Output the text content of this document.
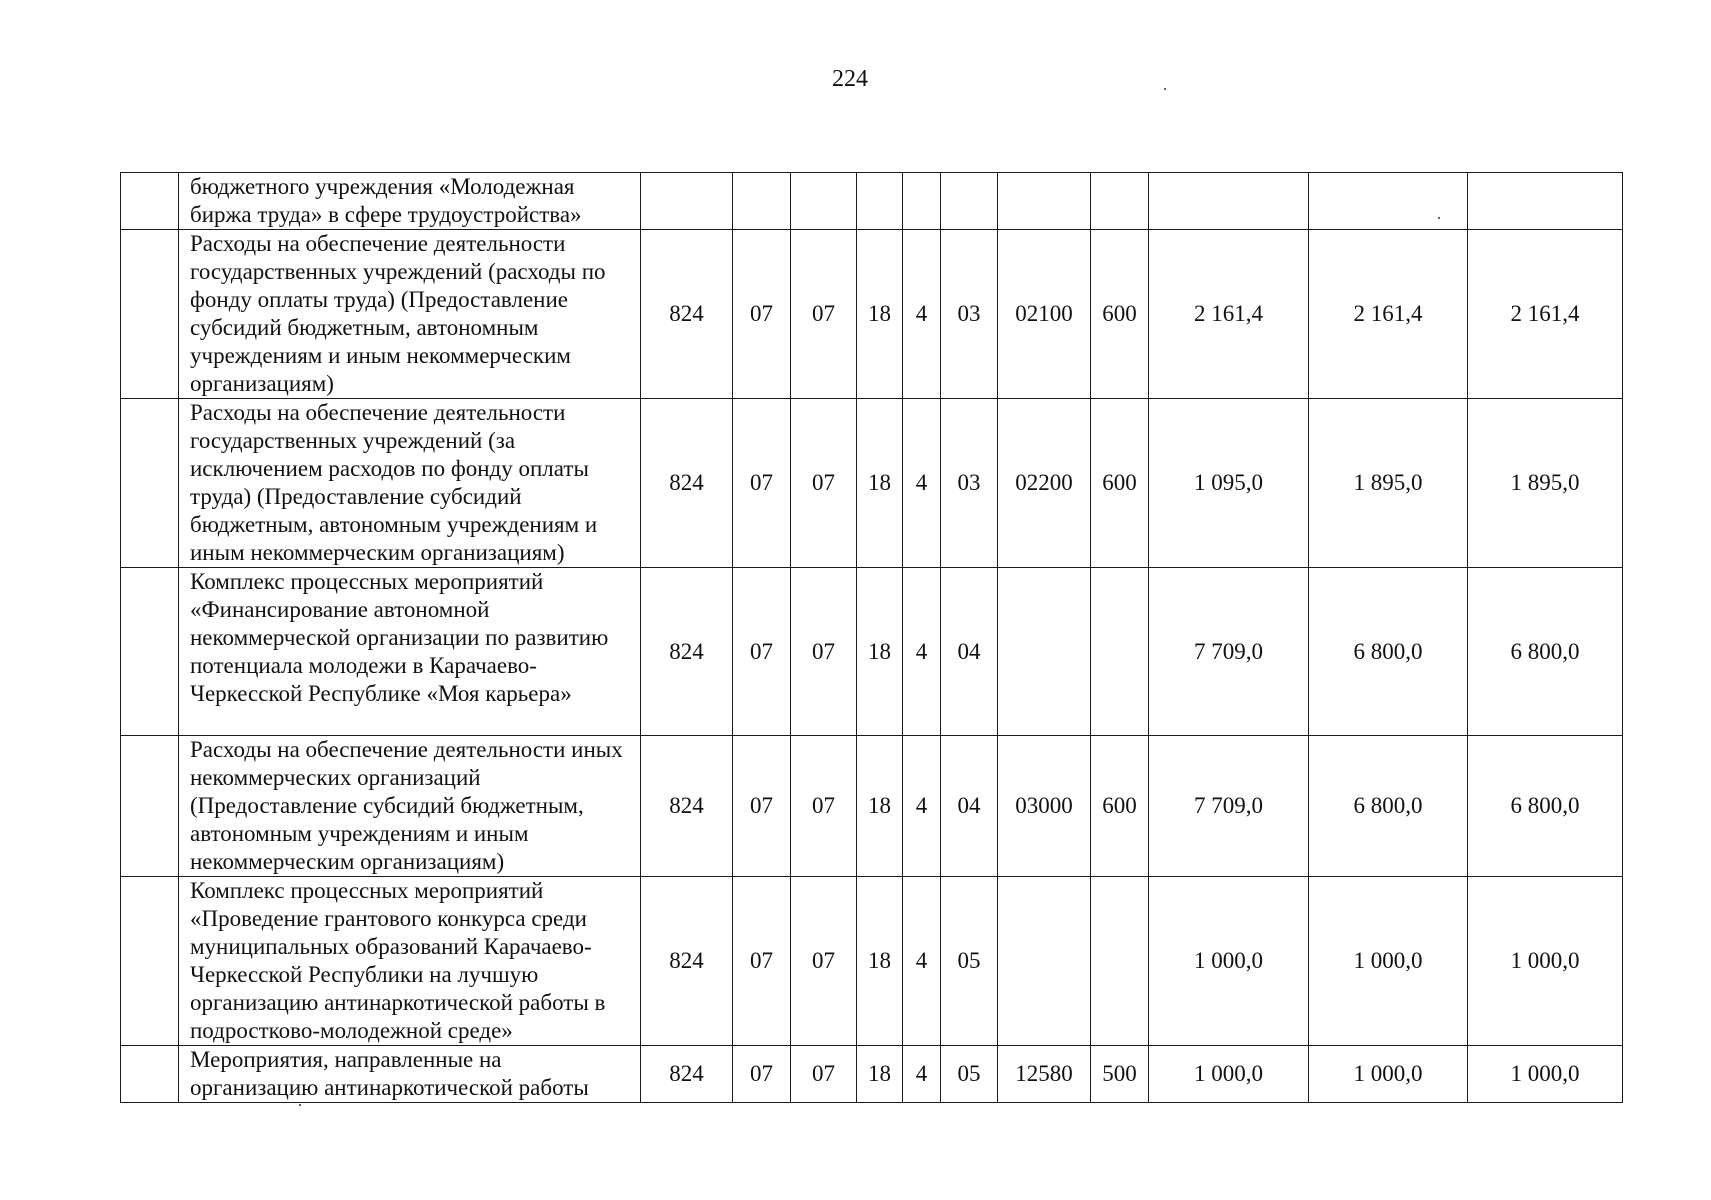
224
	бюджетного учреждения «Молодежная биржа труда» в сфере трудоустройства»											
	Расходы на обеспечение деятельности государственных учреждений (расходы по фонду оплаты труда) (Предоставление субсидий бюджетным, автономным учреждениям и иным некоммерческим организациям)	824	07	07	18	4	03	02100	600	2 161,4	2 161,4	2 161,4
	Расходы на обеспечение деятельности государственных учреждений (за исключением расходов по фонду оплаты труда) (Предоставление субсидий бюджетным, автономным учреждениям и иным некоммерческим организациям)	824	07	07	18	4	03	02200	600	1 095,0	1 895,0	1 895,0
	Комплекс процессных мероприятий «Финансирование автономной некоммерческой организации по развитию потенциала молодежи в Карачаево-Черкесской Республике «Моя карьера»	824	07	07	18	4	04			7 709,0	6 800,0	6 800,0
	Расходы на обеспечение деятельности иных некоммерческих организаций (Предоставление субсидий бюджетным, автономным учреждениям и иным некоммерческим организациям)	824	07	07	18	4	04	03000	600	7 709,0	6 800,0	6 800,0
	Комплекс процессных мероприятий «Проведение грантового конкурса среди муниципальных образований Карачаево-Черкесской Республики на лучшую организацию антинаркотической работы в подростково-молодежной среде»	824	07	07	18	4	05			1 000,0	1 000,0	1 000,0
	Мероприятия, направленные на организацию антинаркотической работы	824	07	07	18	4	05	12580	500	1 000,0	1 000,0	1 000,0
